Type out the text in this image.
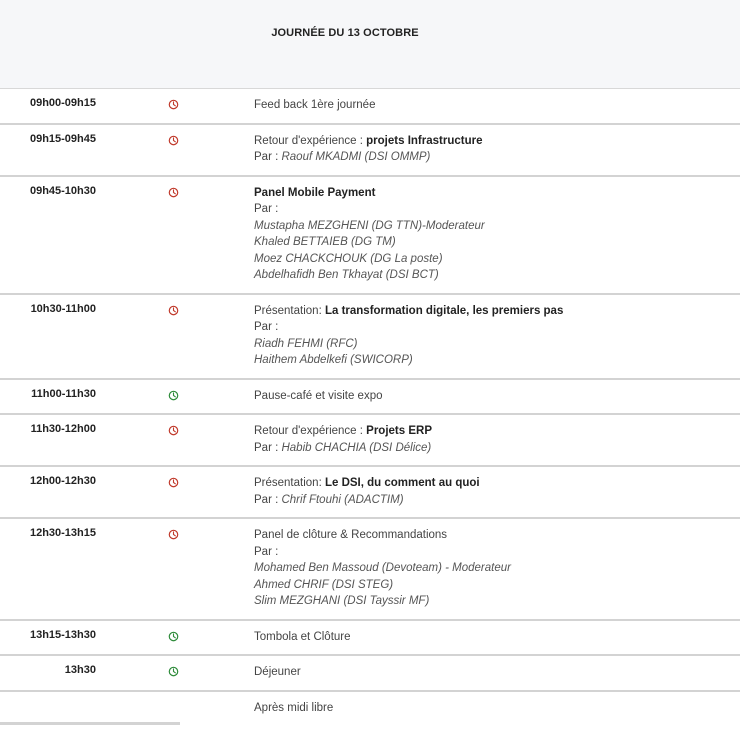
JOURNÉE DU 13 OCTOBRE
09h00-09h15	Feed back 1ère journée
09h15-09h45	Retour d'expérience : projets Infrastructure
Par : Raouf MKADMI (DSI OMMP)
09h45-10h30	Panel Mobile Payment
Par :
Mustapha MEZGHENI (DG TTN)-Moderateur
Khaled BETTAIEB (DG TM)
Moez CHACKCHOUK (DG La poste)
Abdelhafidh Ben Tkhayat (DSI BCT)
10h30-11h00	Présentation: La transformation digitale, les premiers pas
Par :
Riadh FEHMI (RFC)
Haithem Abdelkefi (SWICORP)
11h00-11h30	Pause-café et visite expo
11h30-12h00	Retour d'expérience : Projets ERP
Par : Habib CHACHIA (DSI Délice)
12h00-12h30	Présentation: Le DSI, du comment au quoi
Par : Chrif Ftouhi (ADACTIM)
12h30-13h15	Panel de clôture & Recommandations
Par :
Mohamed Ben Massoud (Devoteam) - Moderateur
Ahmed CHRIF (DSI STEG)
Slim MEZGHANI (DSI Tayssir MF)
13h15-13h30	Tombola et Clôture
13h30	Déjeuner
Après midi libre
